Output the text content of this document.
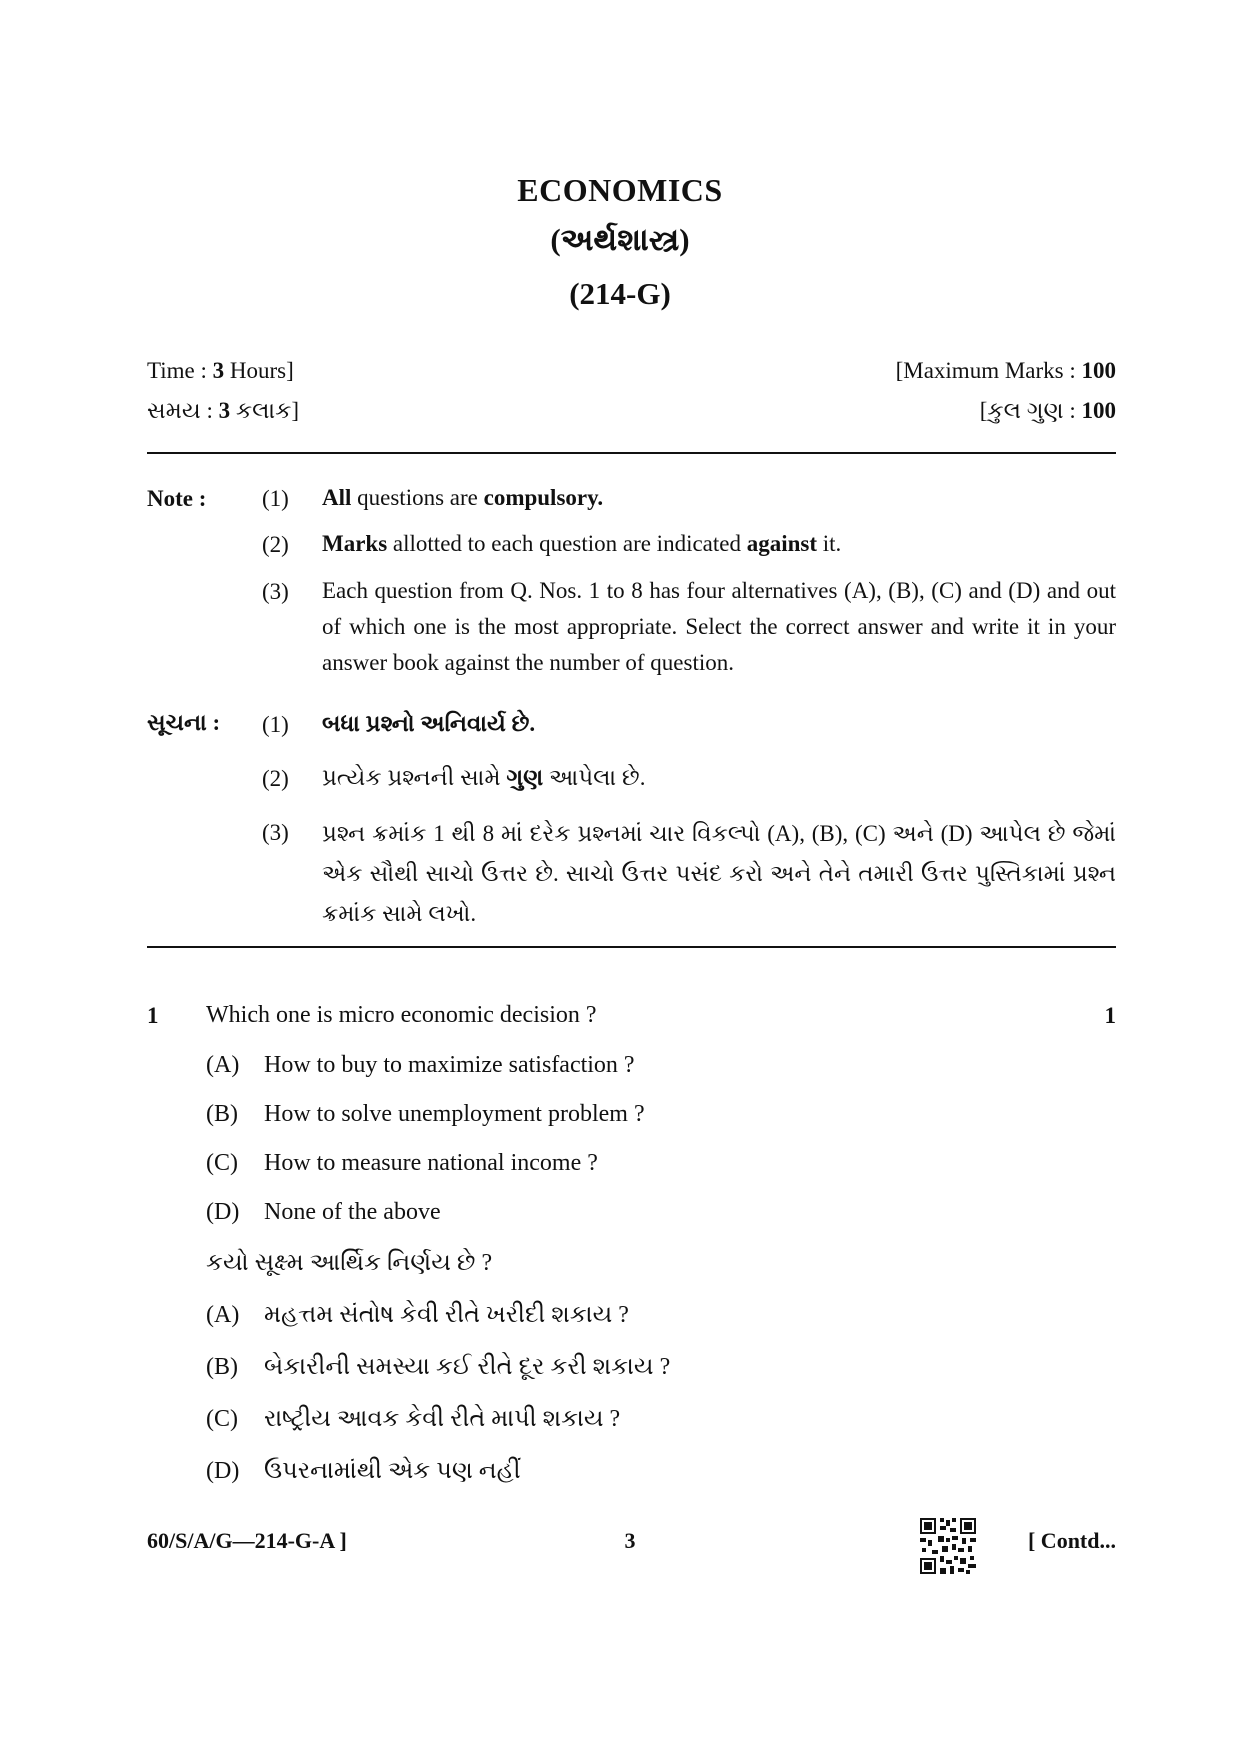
ECONOMICS
(અર્થશાસ્ત્ર)
(214-G)
Time : 3 Hours]	[Maximum Marks : 100
સમય : 3 કલાક]	[કુલ ગુણ : 100
Note : (1) All questions are compulsory.
(2) Marks allotted to each question are indicated against it.
(3) Each question from Q. Nos. 1 to 8 has four alternatives (A), (B), (C) and (D) and out of which one is the most appropriate. Select the correct answer and write it in your answer book against the number of question.
સૂચના : (1) બધા પ્રશ્નો અનિવાર્ય છે.
(2) પ્રત્યેક પ્રશ્નની સામે ગુણ આપેલા છે.
(3) પ્રશ્ન ક્રમાંક 1 થી 8 માં દરેક પ્રશ્નમાં ચાર વિકલ્પો (A), (B), (C) અને (D) આપેલ છે જેમાં એક સૌથી સાચો ઉત્તર છે. સાચો ઉત્તર પસંદ કરો અને તેને તમારી ઉત્તર પુસ્તિકામાં પ્રશ્ન ક્રમાંક સામે લખો.
1 Which one is micro economic decision ?	1
(A) How to buy to maximize satisfaction ?
(B) How to solve unemployment problem ?
(C) How to measure national income ?
(D) None of the above
કયો સૂક્ષ્મ આર્થિક નિર્ણય છે ?
(A) મહત્તમ સંતોષ કેવી રીતે ખરીદી શકાય ?
(B) બેકારીની સમસ્યા કઈ રીતે દૂર કરી શકાય ?
(C) રાષ્ટ્રીય આવક કેવી રીતે માપી શકાય ?
(D) ઉપરનામાંથી એક પણ નહીં
60/S/A/G—214-G-A ]	3	[ Contd...
